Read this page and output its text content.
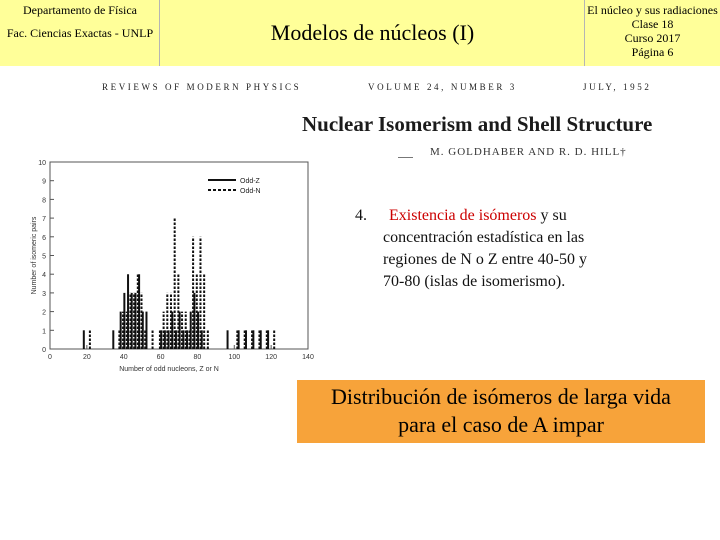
Departamento de Física
Fac. Ciencias Exactas - UNLP	Modelos de núcleos (I)
El núcleo y sus radiaciones
Clase 18
Curso 2017
Página 6
REVIEWS OF MODERN PHYSICS	VOLUME 24, NUMBER 3	JULY, 1952
Nuclear Isomerism and Shell Structure
M. GOLDHABER AND R. D. HILL†
0
1
2
3
4
5
6
7
8
9
10
0	20	40	60	80	100	120	140
Number of odd nucleons, Z or N
Number of isomeric pairs
Odd-Z
Odd-N
4.	Existencia de isómeros y su
concentración estadística en las
regiones de N o Z entre 40-50 y
70-80 (islas de isomerismo).
Distribución de isómeros de larga vida
para el caso de A impar
